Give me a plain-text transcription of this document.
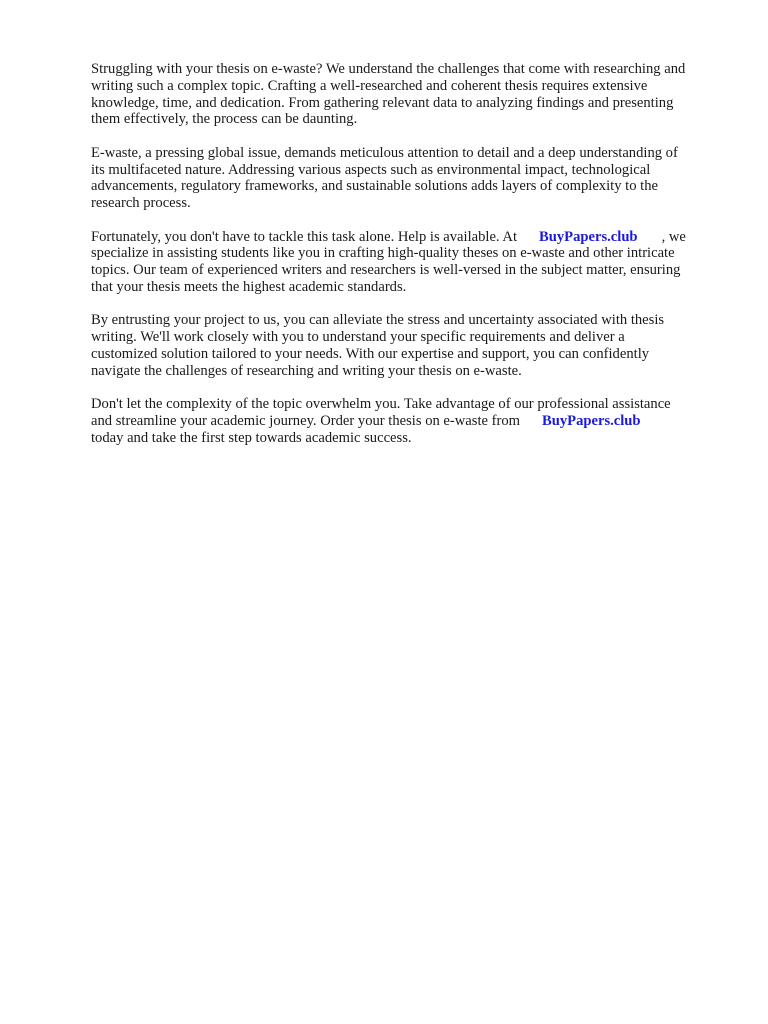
Struggling with your thesis on e-waste? We understand the challenges that come with researching and
writing such a complex topic. Crafting a well-researched and coherent thesis requires extensive
knowledge, time, and dedication. From gathering relevant data to analyzing findings and presenting
them effectively, the process can be daunting.

E-waste, a pressing global issue, demands meticulous attention to detail and a deep understanding of
its multifaceted nature. Addressing various aspects such as environmental impact, technological
advancements, regulatory frameworks, and sustainable solutions adds layers of complexity to the
research process.

Fortunately, you don't have to tackle this task alone. Help is available. At BuyPapers.club , we
specialize in assisting students like you in crafting high-quality theses on e-waste and other intricate
topics. Our team of experienced writers and researchers is well-versed in the subject matter, ensuring
that your thesis meets the highest academic standards.

By entrusting your project to us, you can alleviate the stress and uncertainty associated with thesis
writing. We'll work closely with you to understand your specific requirements and deliver a
customized solution tailored to your needs. With our expertise and support, you can confidently
navigate the challenges of researching and writing your thesis on e-waste.

Don't let the complexity of the topic overwhelm you. Take advantage of our professional assistance
and streamline your academic journey. Order your thesis on e-waste from BuyPapers.club
today and take the first step towards academic success.
